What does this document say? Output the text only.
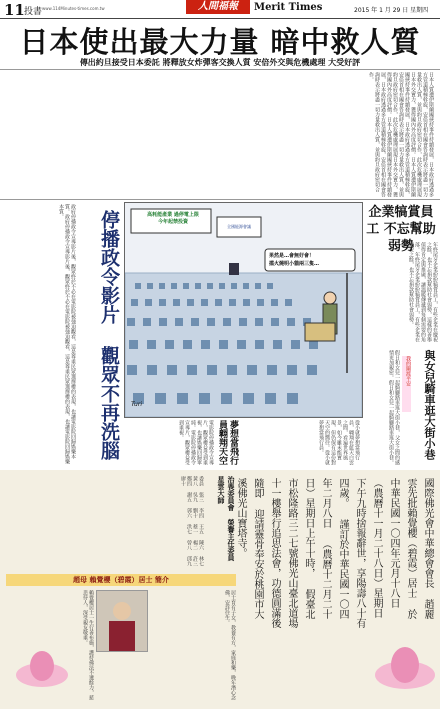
11 投書 www.114Minutes-times.com.tw	人間福報	Merit Times	2015 年 1 月 29 日 星期四
日本使出最大力量 暗中救人質
傳出約旦接受日本委託 將釋放女炸彈客交換人質 安倍外交與危機處理 大受好評
日本人質遭伊斯蘭國挾持事件持續發展，日本政府透過多方管道積極斡旋，安倍首相在國會答詢時表示將盡一切力量救出人質，並與約旦政府密切合作，此次危機處理展現日本外交實力，獲得國內外高度評價。日本人質遭伊斯蘭國挾持事件持續發展，日本政府透過多方管道積極斡旋，安倍首相在國會答詢時表示將盡一切力量救出人質，並與約旦政府密切合作，此次危機處理展現日本外交實力，獲得國內外高度評價。日本人質遭伊斯蘭國挾持事件持續發展，日本政府透過多方管道積極斡旋，安倍首相在國會答詢時表示將盡一切力量救出人質，並與約旦政府密切合作。
政府停播政令宣導影片後，觀眾終於不必在電影院被強迫觀看，這是尊重民眾選擇權的表現，也讓電影院回歸娛樂本質。政府停播政令宣導影片後，觀眾終於不必在電影院被強迫觀看，這是尊重民眾選擇權的表現，也讓電影院回歸娛樂本質。	停播政令影片 觀眾不再洗腦	高耗能產業 過停電上限
今年起禁投資
全國能源會議
果然是…會無好會！
擋火燒明小貓兩三隻…
Turi
企業犒賞員工 不忘幫助弱勢	年終尾牙企業紛紛犒賞員工，有些企業在慶祝之餘，也不忘捐款幫助社會弱勢，這樣的善舉值得肯定與推廣，讓溫暖傳遞到每個需要的角落。年終尾牙企業紛紛犒賞員工，有些企業在慶祝之餘，也不忘捐款幫助社會弱勢。
電影院停播政令宣導片，觀眾權益受到重視，也讓娛樂回歸單純。電影院停播政令宣導片，觀眾權益受到重視。	夢想當飛行員翺翔天空	從小就夢想當飛行員，翺翔在藍天白雲之間，看遍世界風景，如今雖未能實現，但仍保有這份對天空的嚮往。從小就夢想當飛行員。	與女兒騎車逛大街小巷
我的關渡平安
假日和女兒一起騎腳踏車逛大街小巷，父女之間的感情更加親密。假日和女兒一起騎腳踏車逛大街小巷。
國際佛光會中華總會會長 趙麗雲先批賴覺櫻（碧霞）居士 於中華民國一〇四年元月十八日 （農曆十一月二十八日）星期日 下午九時捨報辭世，享陽壽八十有四歲。 謹訂於中華民國一〇四年二月八日 （農曆十二月二十日）星期日上午十時， 假臺北市松隆路三二七號佛光山臺北道場 十一樓舉行追思法會，功德圓滿後隨即 迎請靈骨奉安於桃園市大溪佛光山寶塔寺。
治喪委員會 榮譽主任委員 星雲大師
委員 張三 李四 王五 陳六 林七 黃八 吳九 劉十 蔡一 楊二 許三 鄭四 謝五 郭六 洪七 曾八 邱九 廖十
趙母 賴覺櫻（碧霞）居士 簡介
賴覺櫻居士一生行善布施，護持佛法不遺餘力，慈悲待人，深受親友敬重。	居士育有子女，教養有方，家庭和樂，晚年潛心念佛，安詳往生。
